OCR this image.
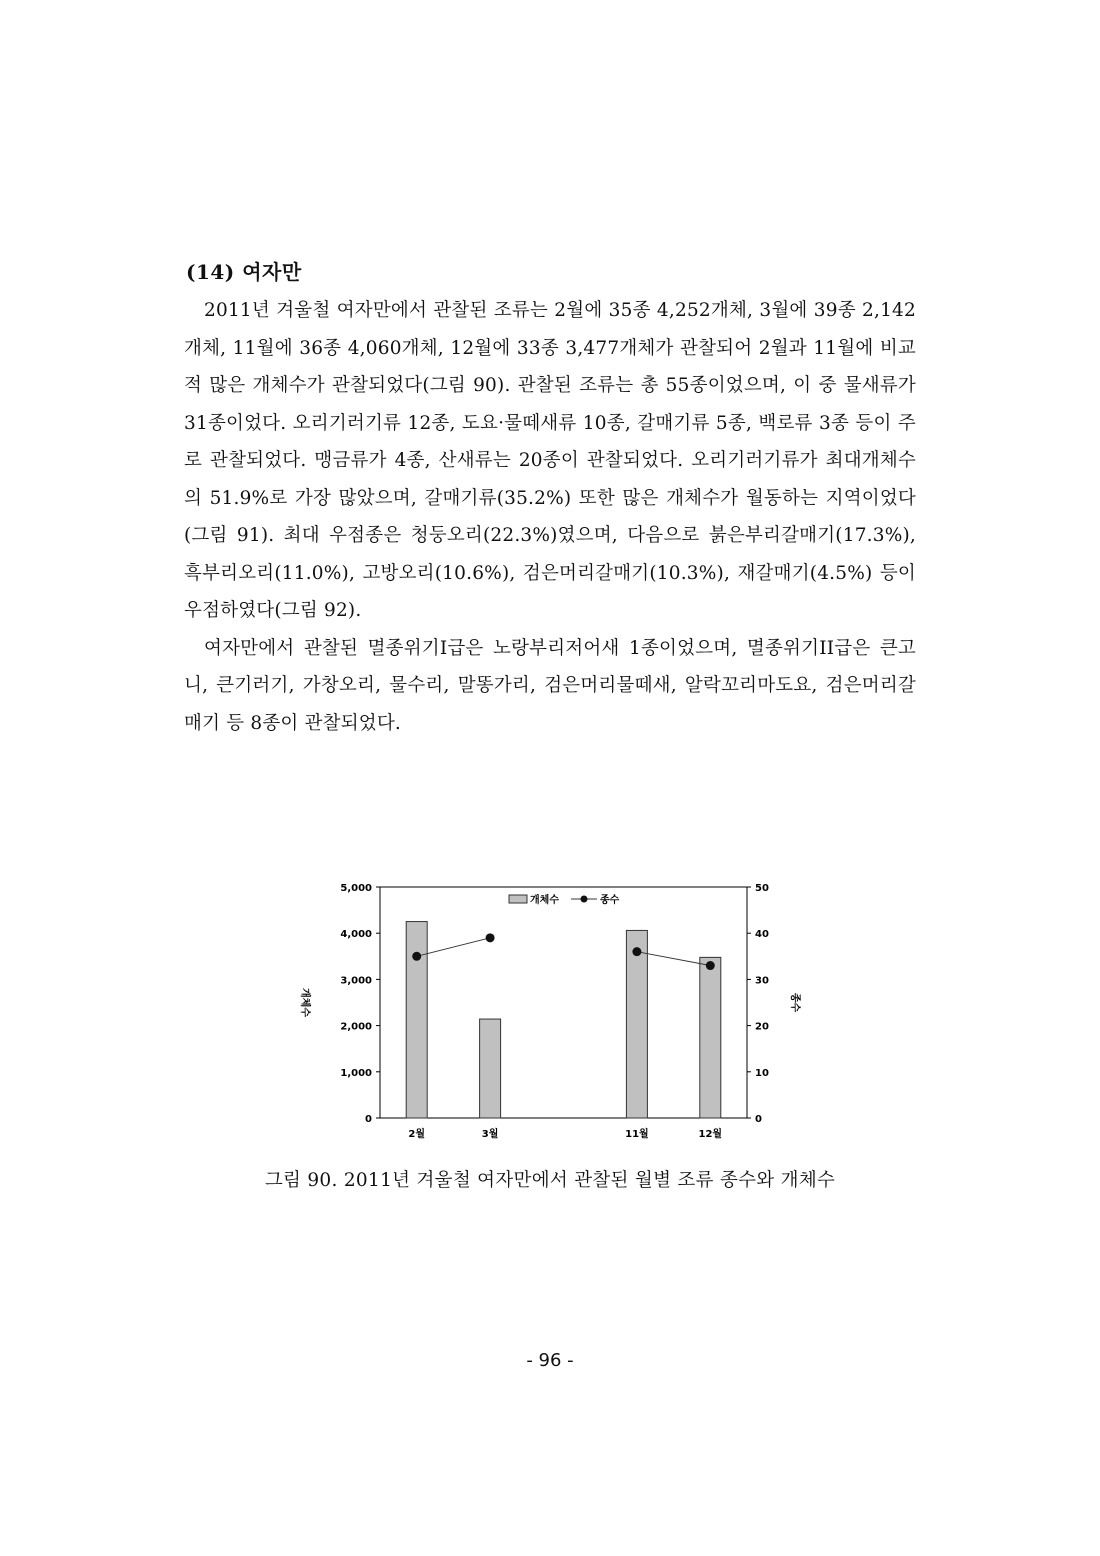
(14) 여자만

2011년 겨울철 여자만에서 관찰된 조류는 2월에 35종 4,252개체, 3월에 39종 2,142개체, 11월에 36종 4,060개체, 12월에 33종 3,477개체가 관찰되어 2월과 11월에 비교적 많은 개체수가 관찰되었다(그림 90). 관찰된 조류는 총 55종이었으며, 이 중 물새류가 31종이었다. 오리기러기류 12종, 도요·물떼새류 10종, 갈매기류 5종, 백로류 3종 등이 주로 관찰되었다. 맹금류가 4종, 산새류는 20종이 관찰되었다. 오리기러기류가 최대개체수의 51.9%로 가장 많았으며, 갈매기류(35.2%) 또한 많은 개체수가 월동하는 지역이었다(그림 91). 최대 우점종은 청둥오리(22.3%)였으며, 다음으로 붉은부리갈매기(17.3%), 흑부리오리(11.0%), 고방오리(10.6%), 검은머리갈매기(10.3%), 재갈매기(4.5%) 등이 우점하였다(그림 92).

여자만에서 관찰된 멸종위기I급은 노랑부리저어새 1종이었으며, 멸종위기II급은 큰고니, 큰기러기, 가창오리, 물수리, 말똥가리, 검은머리물떼새, 알락꼬리마도요, 검은머리갈매기 등 8종이 관찰되었다.

0
1,000
2,000
3,000
4,000
5,000
0
10
20
30
40
50
개체수	종수
2월	3월	11월	12월
개체수	종수
그림 90. 2011년 겨울철 여자만에서 관찰된 월별 조류 종수와 개체수
- 96 -
